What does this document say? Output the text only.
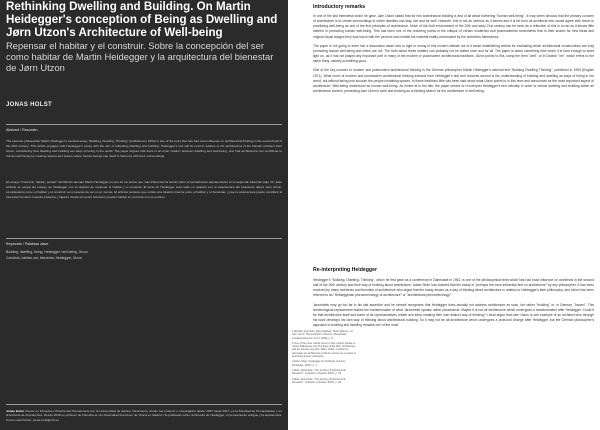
Rethinking Dwelling and Building. On Martin Heidegger's conception of Being as Dwelling and Jørn Utzon's Architecture of Well-being

Repensar el habitar y el construir. Sobre la concepción del ser como habitar de Martin Heidegger y la arquitectura del bienestar de Jørn Utzon

JONAS HOLST
Abstract / Resumen

The German philosopher Martin Heidegger's seminal essay "Building, Dwelling, Thinking" (published in 1954) is one of the texts that has had most influence on architectural thinking in the second half of the 20th century. This article engages with Heidegger's essay with the aim of rethinking dwelling and building. Heidegger's text will be read in relation to the architecture of the Danish architect Jørn Utzon, considering how dwelling and building are ways of being in the world. The paper argues that there is an inner relation between dwelling and well-being, and that architecture can contribute to human well-being by creating spaces and places where human beings can dwell in harmony with their surroundings.

El ensayo "Construir, habitar, pensar" del filósofo alemán Martin Heidegger es uno de los textos que más influencia ha tenido sobre el pensamiento arquitectónico en la segunda mitad del siglo XX. Este artículo se ocupa del ensayo de Heidegger con el objetivo de repensar el habitar y el construir. El texto de Heidegger será leído en relación con la arquitectura del arquitecto danés Jørn Utzon, considerando cómo el habitar y el construir son maneras de ser en el mundo. El artículo sostiene que existe una relación interna entre el habitar y el bienestar, y que la arquitectura puede contribuir al bienestar humano creando espacios y lugares donde los seres humanos puedan habitar en armonía con su entorno.

Keywords / Palabras clave
Building, dwelling, being, Heidegger, well-being, Utzon
Construir, habitar, ser, bienestar, Heidegger, Utzon

Jonas Holst. Doctor en Filosofía e Historia del Pensamiento por la Universidad de Aarhus, Dinamarca, donde fue profesor e investigador desde 2007 hasta 2017, en la Facultad de Humanidades y en la Escuela de Arquitectura. Desde 2018 es profesor de Filosofía en la Universidad Francisco de Vitoria en Madrid. Ha publicado sobre la filosofía de Heidegger, el pensamiento antiguo y la arquitectura. Correo electrónico: jonas.holst@ufv.es

Introductory remarks

In one of the last interviews which he gave, Jørn Utzon stated that for him architectural building is first of all about furthering "human well-being". It may seem obvious that the primary concern of architecture is to create surroundings in which dwellers can stay, live and be well. However, this is not as obvious as it seems and it is far from all architects who would agree with Utzon in prioritizing well-being as one of the first principles of architecture. Much of the built environment of the 20th and early 21st century can be seen as a reflection of this in so far as it shows little interest in promoting human well-being. This has been one of the recurring points in the critique of certain modernist and postmodernist movements that in their search for new ideas and original visual images they lose touch with the persons who inhabit the material reality constructed by the architects themselves.

The paper is not going to enter into a discussion about who is right or wrong in this modern debate nor is it about establishing criteria for evaluating which architectural constructions are truly promoting human well-being and which are not. The truth about these matters can probably not be stated once and for all. The paper is about something else which it is hard enough to shed light on, as it has not played any important part in many of the modern or postmodern architectural traditions. Utzon points to this, using the term "well", or in Danish "vel", which refers to the same thing, namely something good.

One of the key sources to modern and postmodern architectural thinking is the German philosopher Martin Heidegger's seminal text "Building Dwelling Thinking", published in 1954 (English 1971). What much of modern and postmodern architectural thinking extracts from Heidegger's text and revolves around is the understanding of building and dwelling as ways of being in the world, but without taking into account the people inhabiting spaces. In these traditions little has been said about what Utzon points to in this term and announces as the most important aspect of architecture: Well-being understood as human well-being. As hinted at in the title, the paper means to re-interpret Heidegger's text critically in order to rethink dwelling and building within an architectural context, presenting Jørn Utzon's work and thinking as a thinking search for the architecture of well-being.

Re-interpreting Heidegger

Heidegger's "Building, Dwelling, Thinking", which he first gave as a conference in Darmstadt in 1951, is one of the philosophical texts which has had most influence on architects in the second half of the 20th century and their way of thinking about architecture. Adam Sharr has claimed that the essay is "perhaps the most influential text on architecture" by any philosopher. It has been received by many architects and theorists of architecture who argue that the essay shows us a way of thinking about architecture in relation to Heidegger's later philosophy, and which has been referred to as "Heideggerian phenomenology of architecture" or "architectural phenomenology".

Jarzombek may go too far in his last assertion and he himself recognizes that Heidegger does actually not address architecture as such, but rather "building" or, in German, "bauen". This terminological replacement makes the transformation of what Jarzombek speaks rather paradoxical. Maybe it is not all architecture which undergoes a transformation after Heidegger. Could it be that architecture itself and some of its representatives create and keep creating their own distinct way of thinking? I shall argue that Jørn Utzon is one example of an architect who through his work develops his own way of thinking about architectural building. So it may not be all architecture which undergoes a profound change after Heidegger, but the German philosopher's approach to building and dwelling remains one of the most

1 Michael Juul Holm, Kjeld Kjeldsen, Mette Marcus, ed., Jørn Utzon: The Architect's Universe (Humlebæk: Louisiana Museum of Art, 2008), p. 8.
2 One of the more critical voices in this modern debate is Juhani Pallasmaa; see The Eyes of the Skin: Architecture and the Senses (London: Wiley, 2012), in which he advocates an architecture of all the senses as a means of promoting human well-being.
3 Adam Sharr, Heidegger for Architects (London: Routledge, 2007), p. 1.
4 Mark Jarzombek, "The Coming of Architectural Research", Footprint 1 (Autumn 2007), p. 51.
5 Mark Jarzombek, "The Coming of Architectural Research", Footprint 1 (Autumn 2007), p. 52.
